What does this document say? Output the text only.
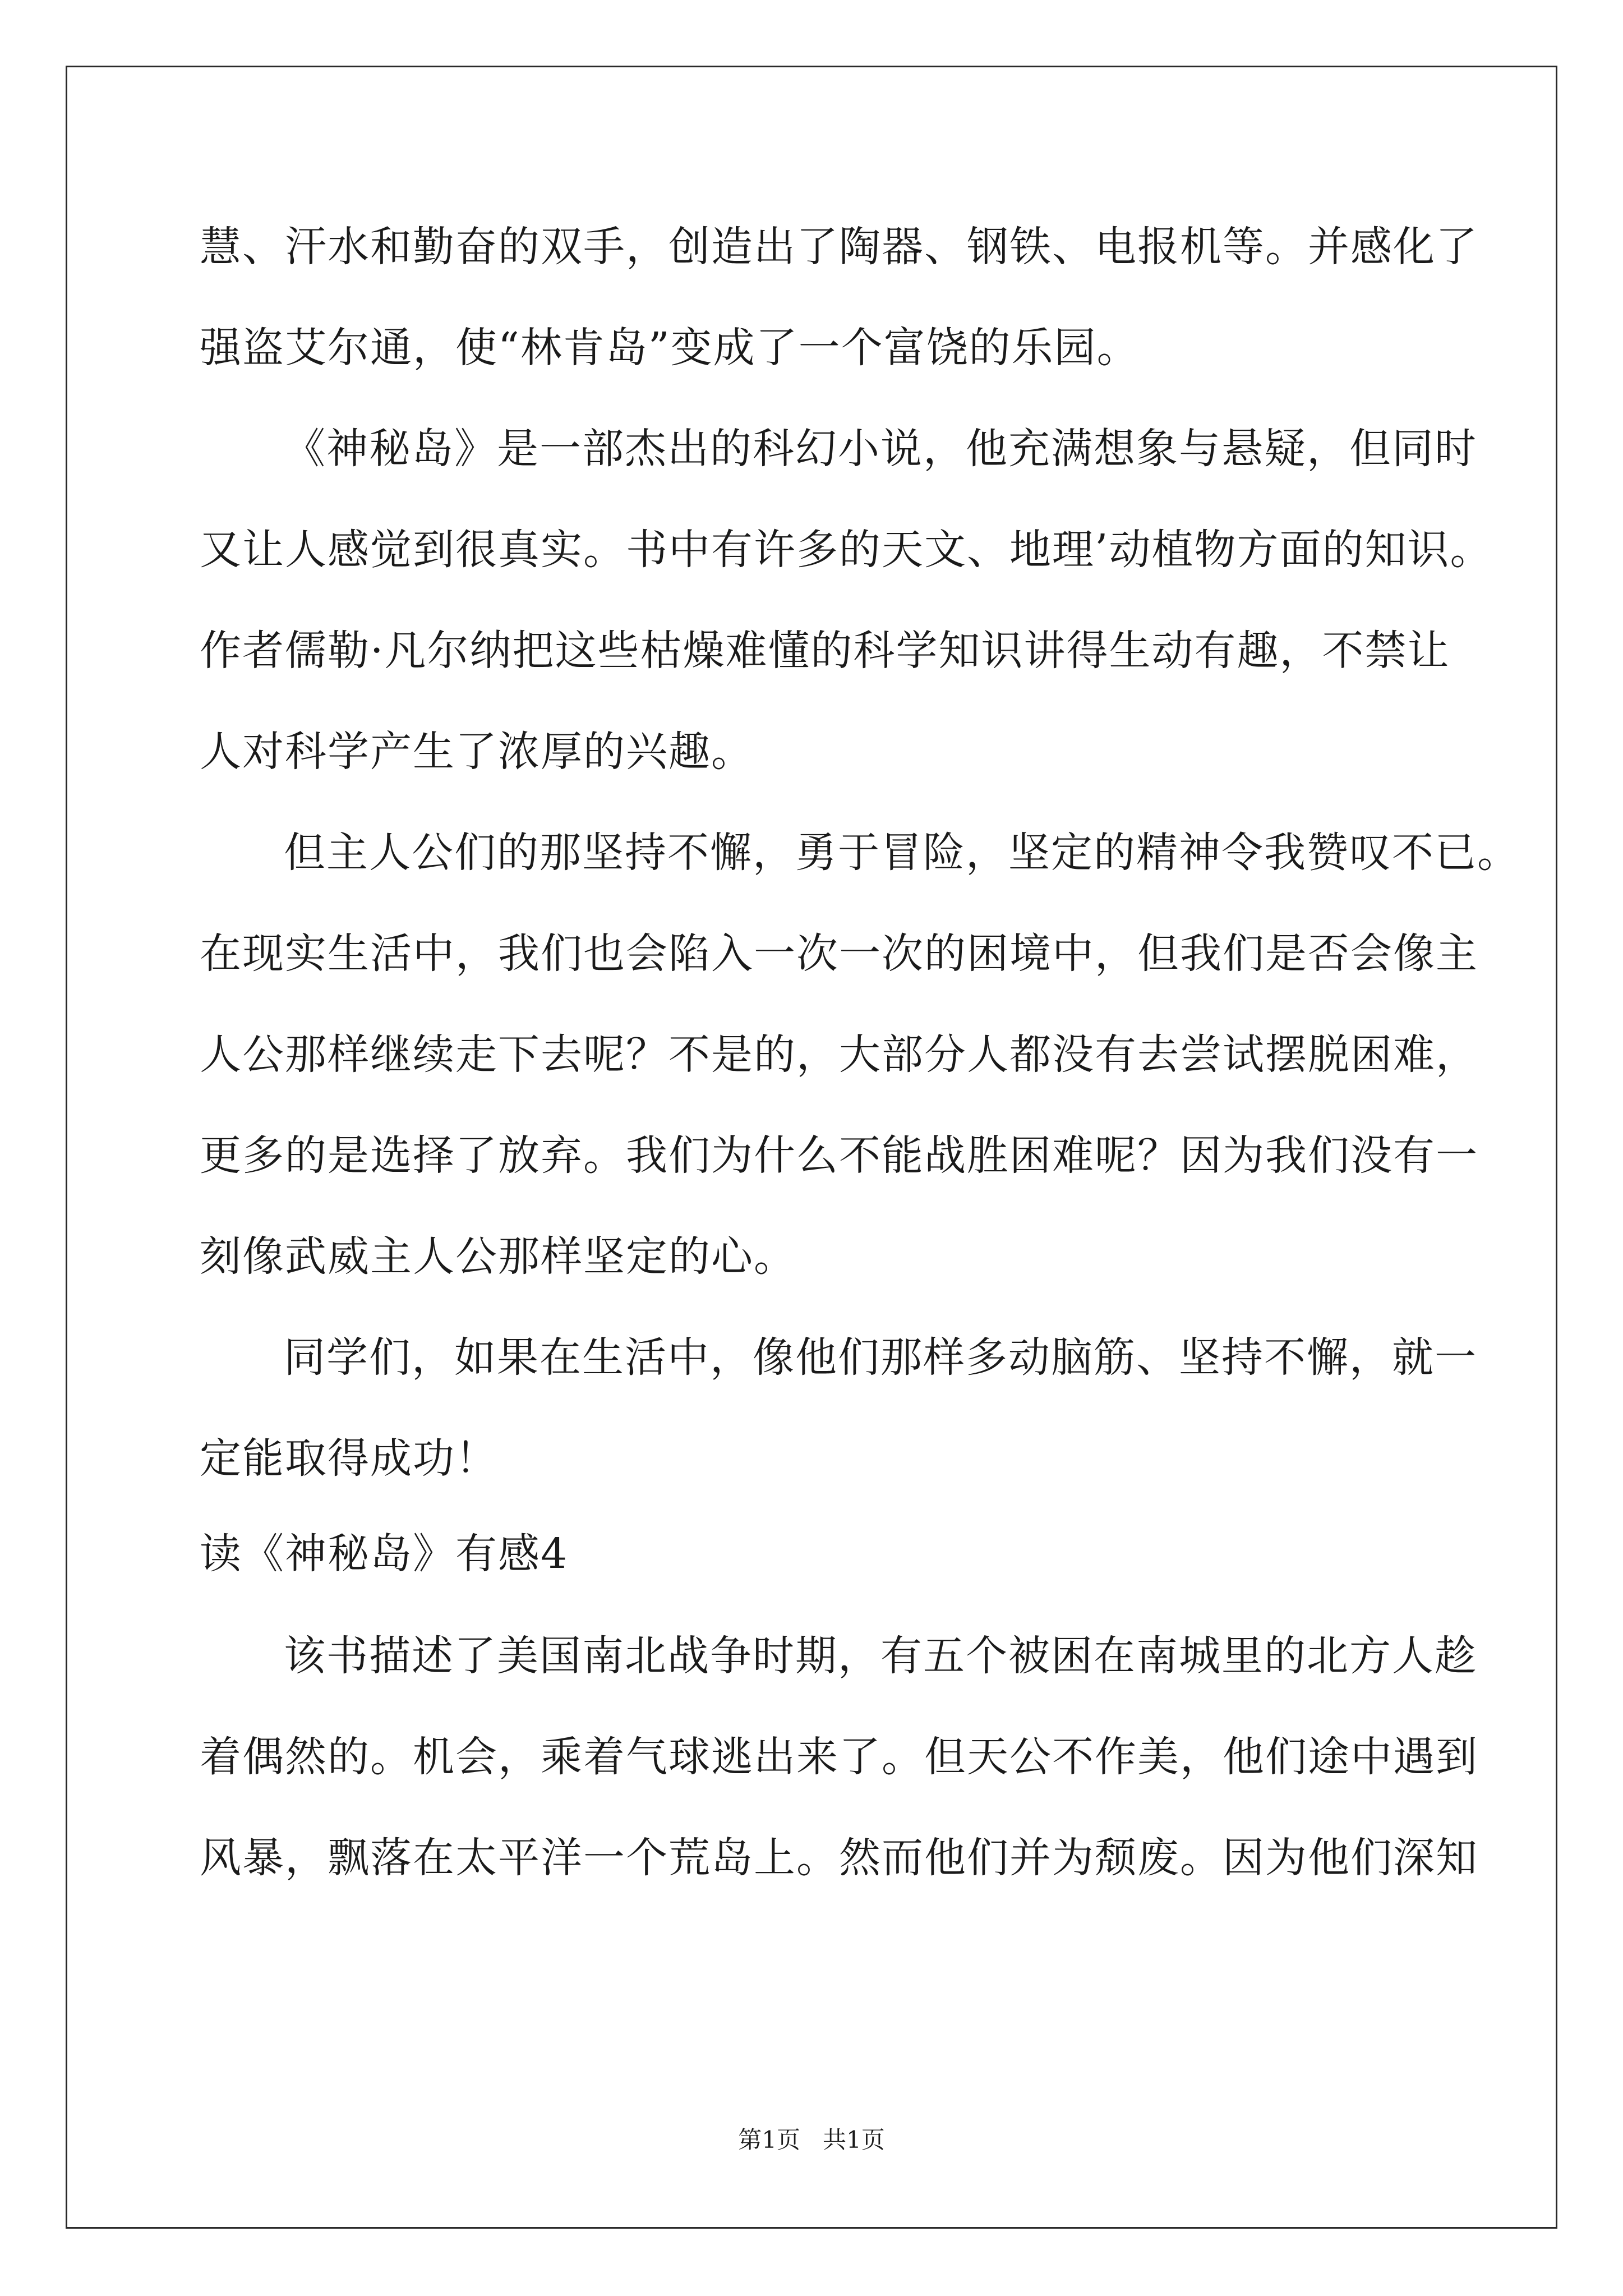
慧、汗水和勤奋的双手，创造出了陶器、钢铁、电报机等。并感化了
强盗艾尔通，使“林肯岛”变成了一个富饶的乐园。
《神秘岛》是一部杰出的科幻小说，他充满想象与悬疑，但同时
又让人感觉到很真实。书中有许多的天文、地理’动植物方面的知识。
作者儒勒·凡尔纳把这些枯燥难懂的科学知识讲得生动有趣，不禁让
人对科学产生了浓厚的兴趣。
但主人公们的那坚持不懈，勇于冒险，坚定的精神令我赞叹不已。
在现实生活中，我们也会陷入一次一次的困境中，但我们是否会像主
人公那样继续走下去呢？不是的，大部分人都没有去尝试摆脱困难，
更多的是选择了放弃。我们为什么不能战胜困难呢？因为我们没有一
刻像武威主人公那样坚定的心。
同学们，如果在生活中，像他们那样多动脑筋、坚持不懈，就一
定能取得成功！
读《神秘岛》有感4
该书描述了美国南北战争时期，有五个被困在南城里的北方人趁
着偶然的。机会，乘着气球逃出来了。但天公不作美，他们途中遇到
风暴，飘落在太平洋一个荒岛上。然而他们并为颓废。因为他们深知
第1页 共1页
